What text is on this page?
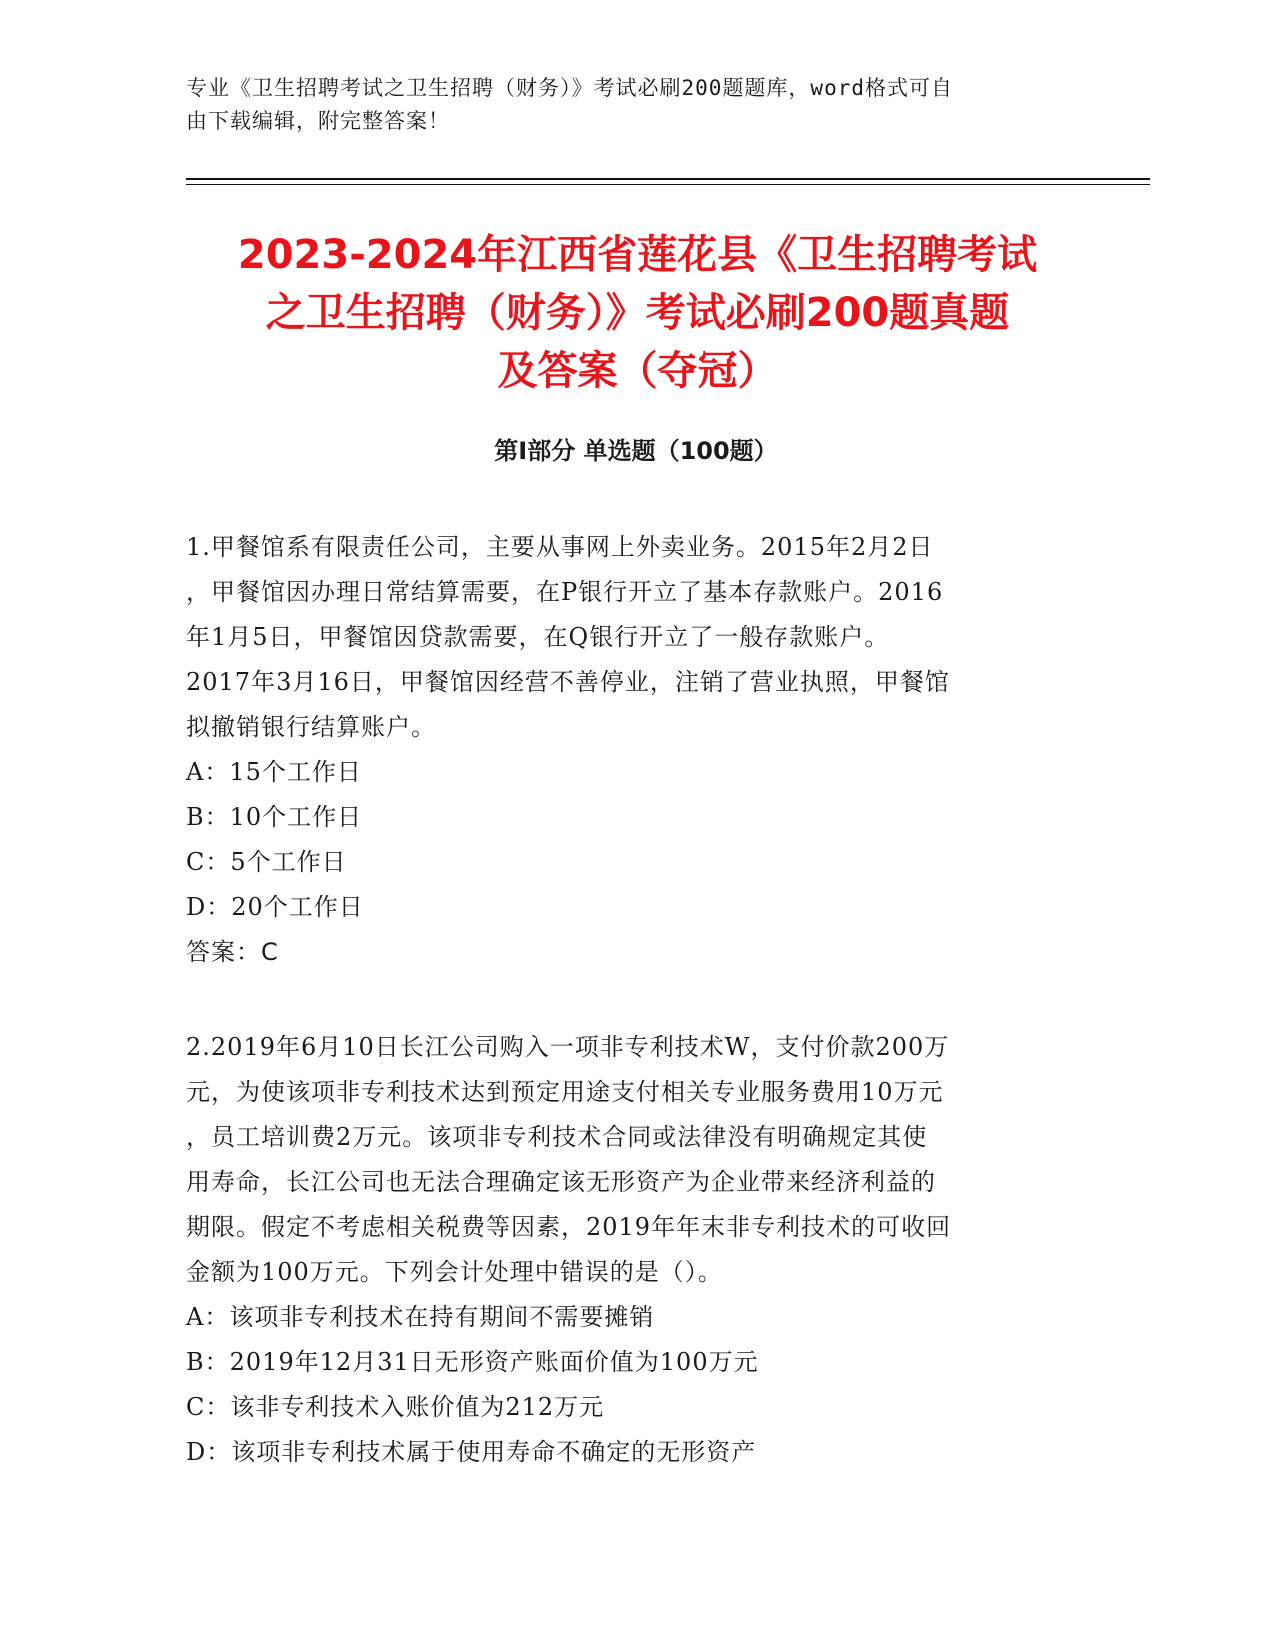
专业《卫生招聘考试之卫生招聘（财务）》考试必刷200题题库，word格式可自
由下载编辑，附完整答案！
2023-2024年江西省莲花县《卫生招聘考试
之卫生招聘（财务）》考试必刷200题真题
及答案（夺冠）
第Ⅰ部分 单选题（100题）
1.甲餐馆系有限责任公司，主要从事网上外卖业务。2015年2月2日
，甲餐馆因办理日常结算需要，在P银行开立了基本存款账户。2016
年1月5日，甲餐馆因贷款需要，在Q银行开立了一般存款账户。
2017年3月16日，甲餐馆因经营不善停业，注销了营业执照，甲餐馆
拟撤销银行结算账户。
A：15个工作日
B：10个工作日
C：5个工作日
D：20个工作日
答案：C
2.2019年6月10日长江公司购入一项非专利技术W，支付价款200万
元，为使该项非专利技术达到预定用途支付相关专业服务费用10万元
，员工培训费2万元。该项非专利技术合同或法律没有明确规定其使
用寿命，长江公司也无法合理确定该无形资产为企业带来经济利益的
期限。假定不考虑相关税费等因素，2019年年末非专利技术的可收回
金额为100万元。下列会计处理中错误的是（）。
A：该项非专利技术在持有期间不需要摊销
B：2019年12月31日无形资产账面价值为100万元
C：该非专利技术入账价值为212万元
D：该项非专利技术属于使用寿命不确定的无形资产
